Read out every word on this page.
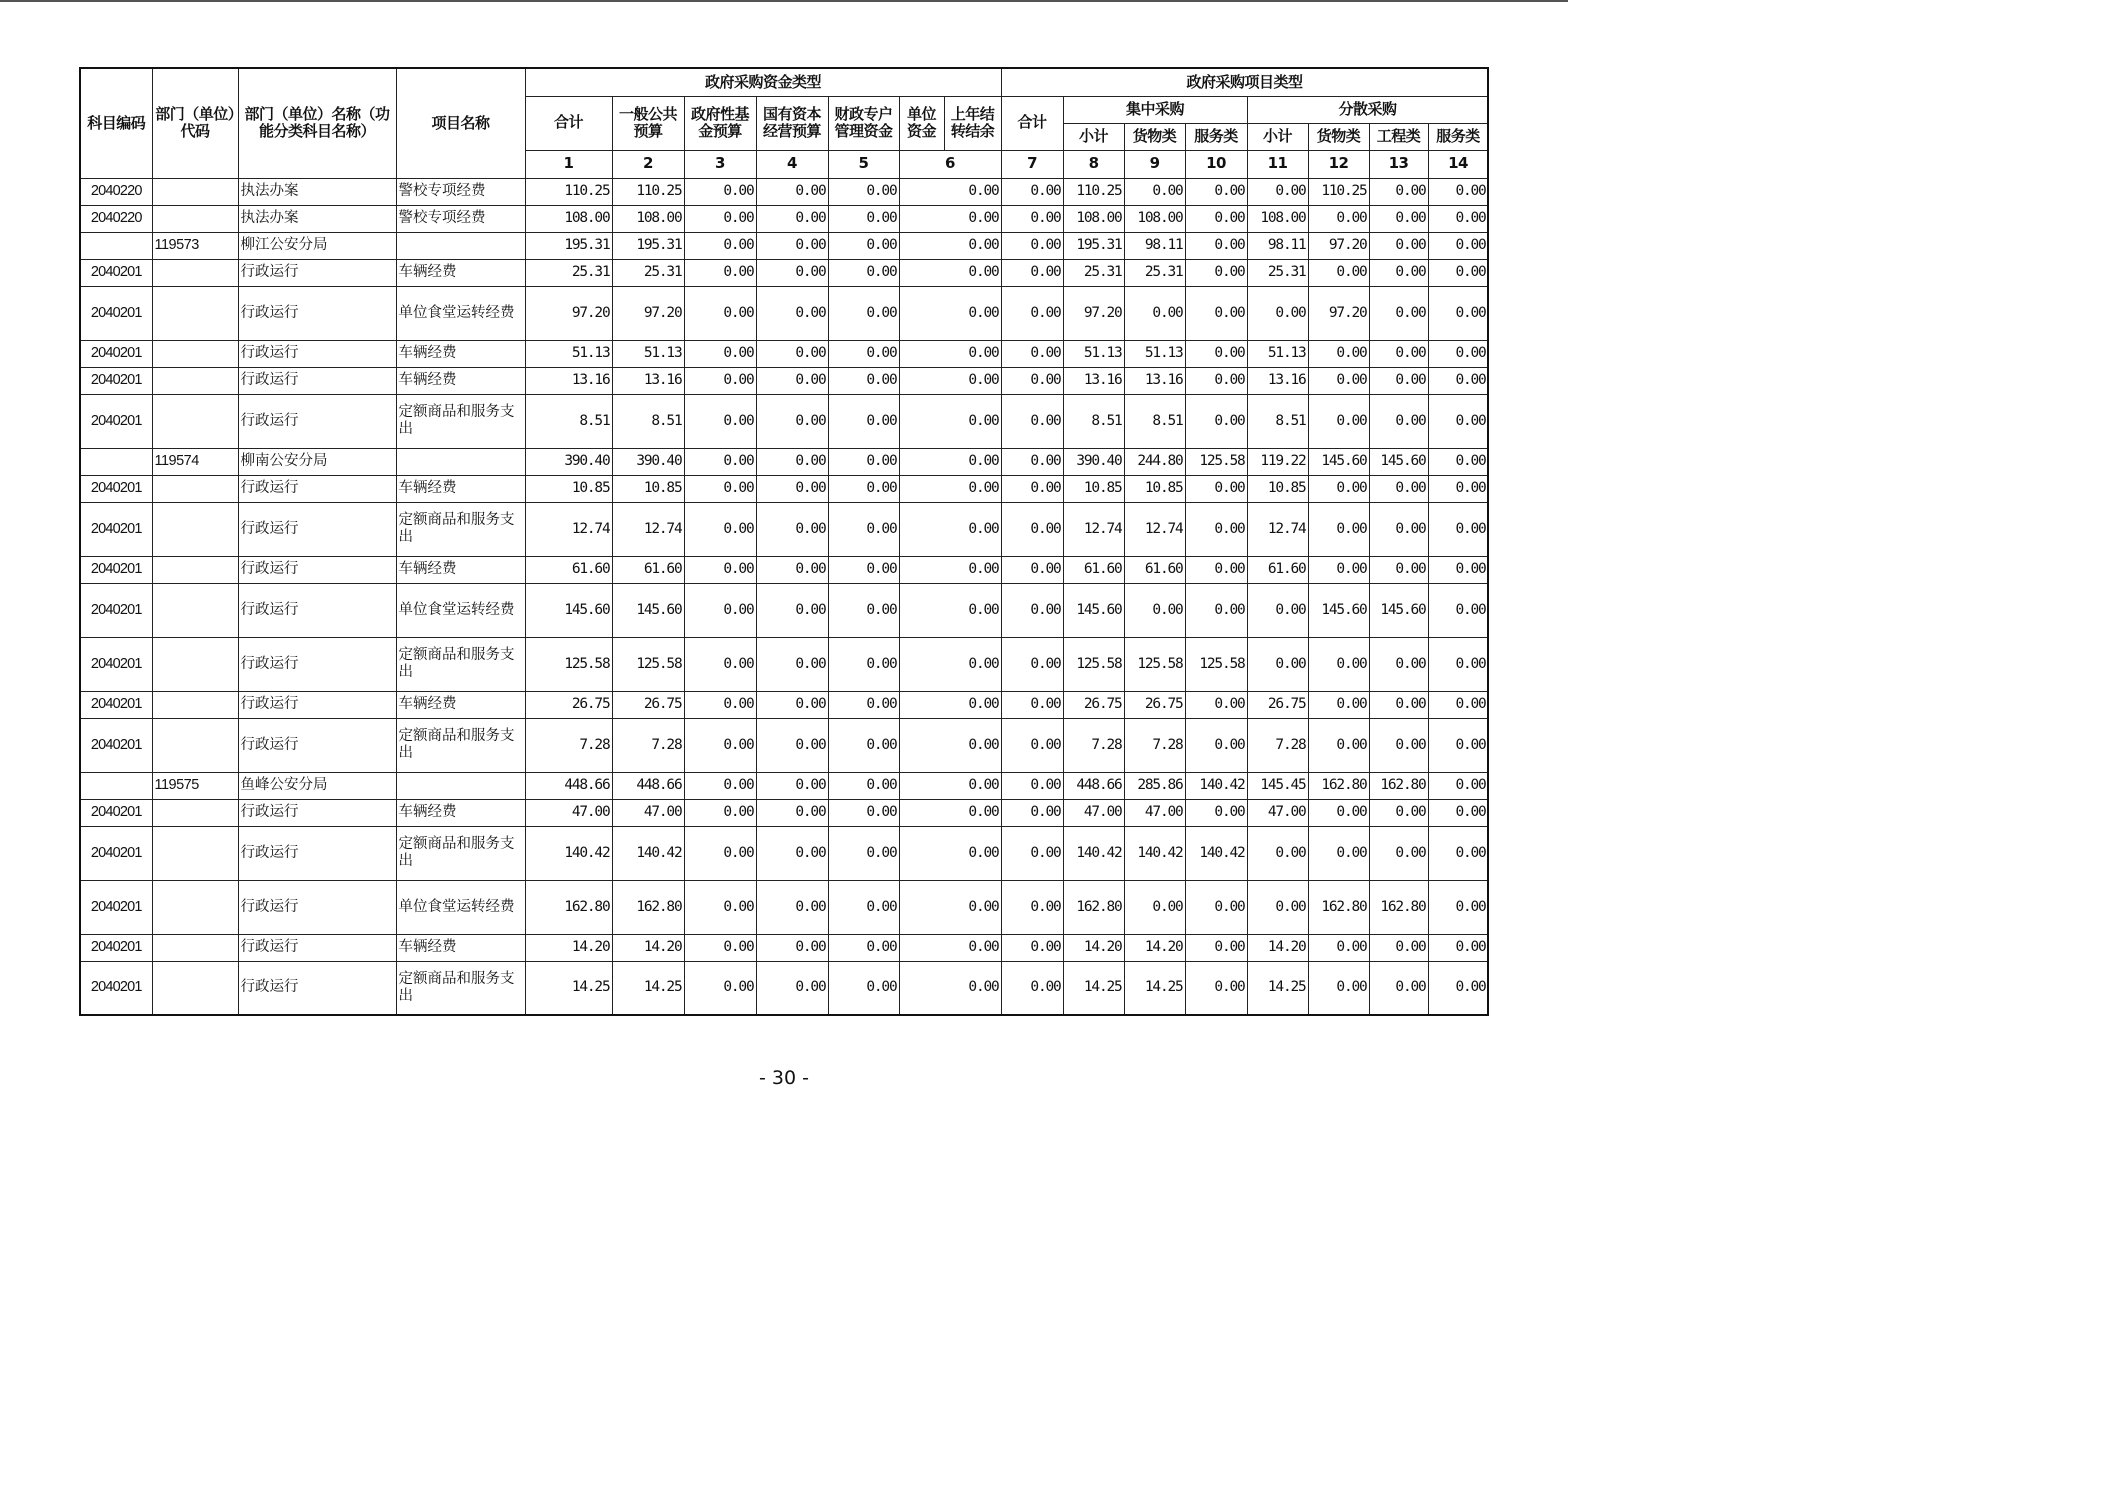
科目编码	部门（单位）代码	部门（单位）名称（功能分类科目名称）	项目名称	政府采购资金类型							政府采购项目类型								
				合计	一般公共预算	政府性基金预算	国有资本经营预算	财政专户管理资金	单位资金	上年结转结余	合计	集中采购			分散采购				
												小计	货物类	服务类	小计	货物类	工程类	服务类	
				1	2	3	4	5	6		7	8	9	10	11	12	13	14	
2040220		执法办案	警校专项经费	110.25	110.25	0.00	0.00	0.00	0.00		0.00	110.25	0.00	0.00	0.00	110.25	0.00	0.00	
2040220		执法办案	警校专项经费	108.00	108.00	0.00	0.00	0.00	0.00		0.00	108.00	108.00	0.00	108.00	0.00	0.00	0.00	
	119573	柳江公安分局		195.31	195.31	0.00	0.00	0.00	0.00		0.00	195.31	98.11	0.00	98.11	97.20	0.00	0.00	
2040201		行政运行	车辆经费	25.31	25.31	0.00	0.00	0.00	0.00		0.00	25.31	25.31	0.00	25.31	0.00	0.00	0.00	
2040201		行政运行	单位食堂运转经费	97.20	97.20	0.00	0.00	0.00	0.00		0.00	97.20	0.00	0.00	0.00	97.20	0.00	0.00	
2040201		行政运行	车辆经费	51.13	51.13	0.00	0.00	0.00	0.00		0.00	51.13	51.13	0.00	51.13	0.00	0.00	0.00	
2040201		行政运行	车辆经费	13.16	13.16	0.00	0.00	0.00	0.00		0.00	13.16	13.16	0.00	13.16	0.00	0.00	0.00	
2040201		行政运行	定额商品和服务支出	8.51	8.51	0.00	0.00	0.00	0.00		0.00	8.51	8.51	0.00	8.51	0.00	0.00	0.00	
	119574	柳南公安分局		390.40	390.40	0.00	0.00	0.00	0.00		0.00	390.40	244.80	125.58	119.22	145.60	145.60	0.00	
2040201		行政运行	车辆经费	10.85	10.85	0.00	0.00	0.00	0.00		0.00	10.85	10.85	0.00	10.85	0.00	0.00	0.00	
2040201		行政运行	定额商品和服务支出	12.74	12.74	0.00	0.00	0.00	0.00		0.00	12.74	12.74	0.00	12.74	0.00	0.00	0.00	
2040201		行政运行	车辆经费	61.60	61.60	0.00	0.00	0.00	0.00		0.00	61.60	61.60	0.00	61.60	0.00	0.00	0.00	
2040201		行政运行	单位食堂运转经费	145.60	145.60	0.00	0.00	0.00	0.00		0.00	145.60	0.00	0.00	0.00	145.60	145.60	0.00	
2040201		行政运行	定额商品和服务支出	125.58	125.58	0.00	0.00	0.00	0.00		0.00	125.58	125.58	125.58	0.00	0.00	0.00	0.00	
2040201		行政运行	车辆经费	26.75	26.75	0.00	0.00	0.00	0.00		0.00	26.75	26.75	0.00	26.75	0.00	0.00	0.00	
2040201		行政运行	定额商品和服务支出	7.28	7.28	0.00	0.00	0.00	0.00		0.00	7.28	7.28	0.00	7.28	0.00	0.00	0.00	
	119575	鱼峰公安分局		448.66	448.66	0.00	0.00	0.00	0.00		0.00	448.66	285.86	140.42	145.45	162.80	162.80	0.00	
2040201		行政运行	车辆经费	47.00	47.00	0.00	0.00	0.00	0.00		0.00	47.00	47.00	0.00	47.00	0.00	0.00	0.00	
2040201		行政运行	定额商品和服务支出	140.42	140.42	0.00	0.00	0.00	0.00		0.00	140.42	140.42	140.42	0.00	0.00	0.00	0.00	
2040201		行政运行	单位食堂运转经费	162.80	162.80	0.00	0.00	0.00	0.00		0.00	162.80	0.00	0.00	0.00	162.80	162.80	0.00	
2040201		行政运行	车辆经费	14.20	14.20	0.00	0.00	0.00	0.00		0.00	14.20	14.20	0.00	14.20	0.00	0.00	0.00	
2040201		行政运行	定额商品和服务支出	14.25	14.25	0.00	0.00	0.00	0.00		0.00	14.25	14.25	0.00	14.25	0.00	0.00	0.00	
- 30 -
